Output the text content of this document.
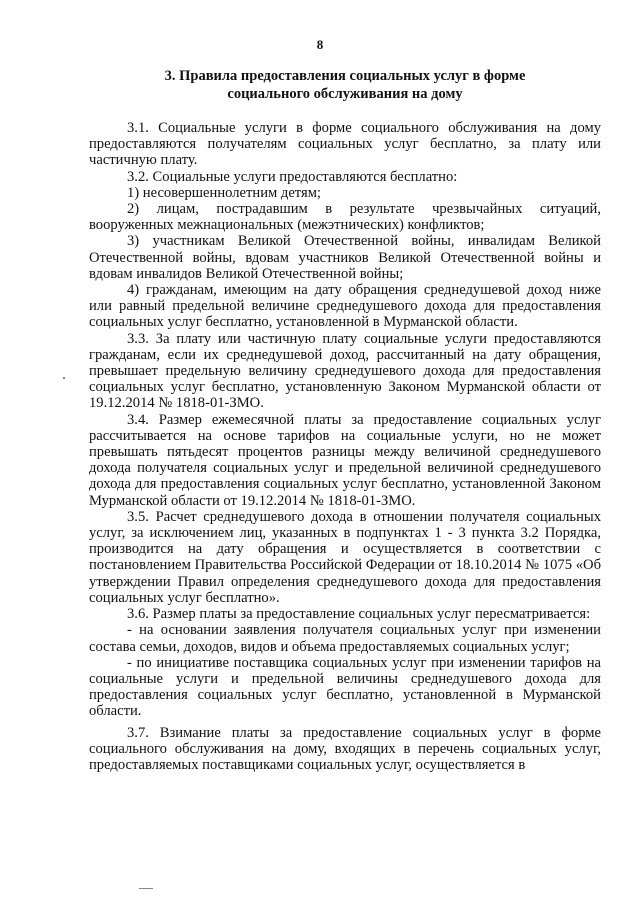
8
3. Правила предоставления социальных услуг в форме
социального обслуживания на дому

3.1. Социальные услуги в форме социального обслуживания на дому предоставляются получателям социальных услуг бесплатно, за плату или частичную плату.

3.2. Социальные услуги предоставляются бесплатно:

1) несовершеннолетним детям;

2) лицам, пострадавшим в результате чрезвычайных ситуаций, вооруженных межнациональных (межэтнических) конфликтов;

3) участникам Великой Отечественной войны, инвалидам Великой Отечественной войны, вдовам участников Великой Отечественной войны и вдовам инвалидов Великой Отечественной войны;

4) гражданам, имеющим на дату обращения среднедушевой доход ниже или равный предельной величине среднедушевого дохода для предоставления социальных услуг бесплатно, установленной в Мурманской области.

3.3. За плату или частичную плату социальные услуги предоставляются гражданам, если их среднедушевой доход, рассчитанный на дату обращения, превышает предельную величину среднедушевого дохода для предоставления социальных услуг бесплатно, установленную Законом Мурманской области от 19.12.2014 № 1818-01-ЗМО.

3.4. Размер ежемесячной платы за предоставление социальных услуг рассчитывается на основе тарифов на социальные услуги, но не может превышать пятьдесят процентов разницы между величиной среднедушевого дохода получателя социальных услуг и предельной величиной среднедушевого дохода для предоставления социальных услуг бесплатно, установленной Законом Мурманской области от 19.12.2014 № 1818-01-ЗМО.

3.5. Расчет среднедушевого дохода в отношении получателя социальных услуг, за исключением лиц, указанных в подпунктах 1 - 3 пункта 3.2 Порядка, производится на дату обращения и осуществляется в соответствии с постановлением Правительства Российской Федерации от 18.10.2014 № 1075 «Об утверждении Правил определения среднедушевого дохода для предоставления социальных услуг бесплатно».

3.6. Размер платы за предоставление социальных услуг пересматривается:

- на основании заявления получателя социальных услуг при изменении состава семьи, доходов, видов и объема предоставляемых социальных услуг;

- по инициативе поставщика социальных услуг при изменении тарифов на социальные услуги и предельной величины среднедушевого дохода для предоставления социальных услуг бесплатно, установленной в Мурманской области.

3.7. Взимание платы за предоставление социальных услуг в форме социального обслуживания на дому, входящих в перечень социальных услуг, предоставляемых поставщиками социальных услуг, осуществляется в
